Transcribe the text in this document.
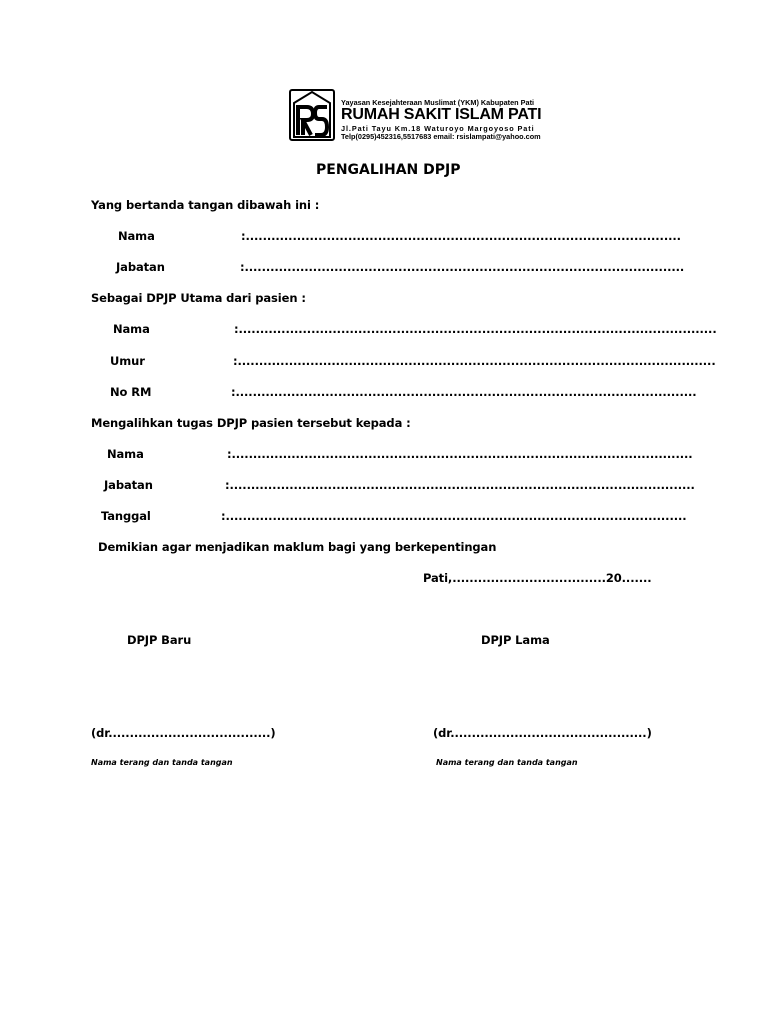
Yayasan Kesejahteraan Muslimat (YKM) Kabupaten Pati
RUMAH SAKIT ISLAM PATI
Jl.Pati Tayu Km.18 Waturoyo Margoyoso Pati
Telp(0295)452316,5517683 email: rsislampati@yahoo.com
PENGALIHAN DPJP
Yang bertanda tangan dibawah ini :
Nama	:......................................................................................................
Jabatan	:.......................................................................................................
Sebagai DPJP Utama dari pasien :
Nama	:................................................................................................................
Umur	:................................................................................................................
No RM	:............................................................................................................
Mengalihkan tugas DPJP pasien tersebut kepada :
Nama	:............................................................................................................
Jabatan	:.............................................................................................................
Tanggal	:............................................................................................................
Demikian agar menjadikan maklum bagi yang berkepentingan
Pati,....................................20.......
DPJP Baru	DPJP Lama
(dr......................................)	(dr..............................................)
Nama terang dan tanda tangan	Nama terang dan tanda tangan
